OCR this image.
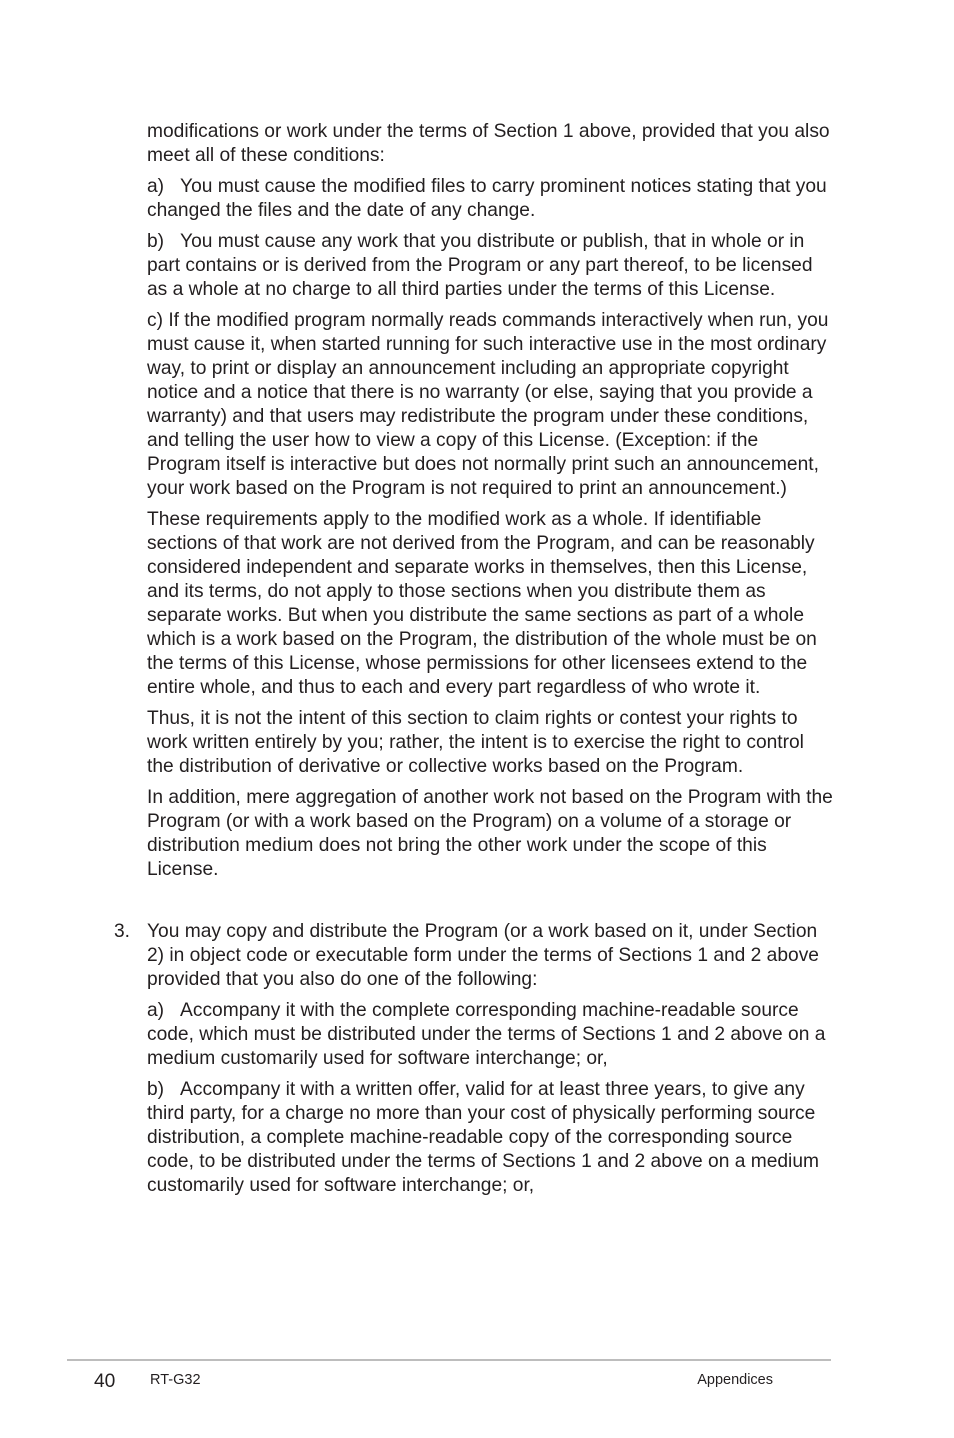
modifications or work under the terms of Section 1 above, provided that you also meet all of these conditions:

a)   You must cause the modified files to carry prominent notices stating that you changed the files and the date of any change.

b)   You must cause any work that you distribute or publish, that in whole or in part contains or is derived from the Program or any part thereof, to be licensed as a whole at no charge to all third parties under the terms of this License.

c) If the modified program normally reads commands interactively when run, you must cause it, when started running for such interactive use in the most ordinary way, to print or display an announcement including an appropriate copyright notice and a notice that there is no warranty (or else, saying that you provide a warranty) and that users may redistribute the program under these conditions, and telling the user how to view a copy of this License. (Exception: if the Program itself is interactive but does not normally print such an announcement, your work based on the Program is not required to print an announcement.)

These requirements apply to the modified work as a whole. If identifiable sections of that work are not derived from the Program, and can be reasonably considered independent and separate works in themselves, then this License, and its terms, do not apply to those sections when you distribute them as separate works. But when you distribute the same sections as part of a whole which is a work based on the Program, the distribution of the whole must be on the terms of this License, whose permissions for other licensees extend to the entire whole, and thus to each and every part regardless of who wrote it.

Thus, it is not the intent of this section to claim rights or contest your rights to work written entirely by you; rather, the intent is to exercise the right to control the distribution of derivative or collective works based on the Program.

In addition, mere aggregation of another work not based on the Program with the Program (or with a work based on the Program) on a volume of a storage or distribution medium does not bring the other work under the scope of this License.

3. You may copy and distribute the Program (or a work based on it, under Section 2) in object code or executable form under the terms of Sections 1 and 2 above provided that you also do one of the following:

a)   Accompany it with the complete corresponding machine-readable source code, which must be distributed under the terms of Sections 1 and 2 above on a medium customarily used for software interchange; or,

b)   Accompany it with a written offer, valid for at least three years, to give any third party, for a charge no more than your cost of physically performing source distribution, a complete machine-readable copy of the corresponding source code, to be distributed under the terms of Sections 1 and 2 above on a medium customarily used for software interchange; or,

40 RT-G32	Appendices
